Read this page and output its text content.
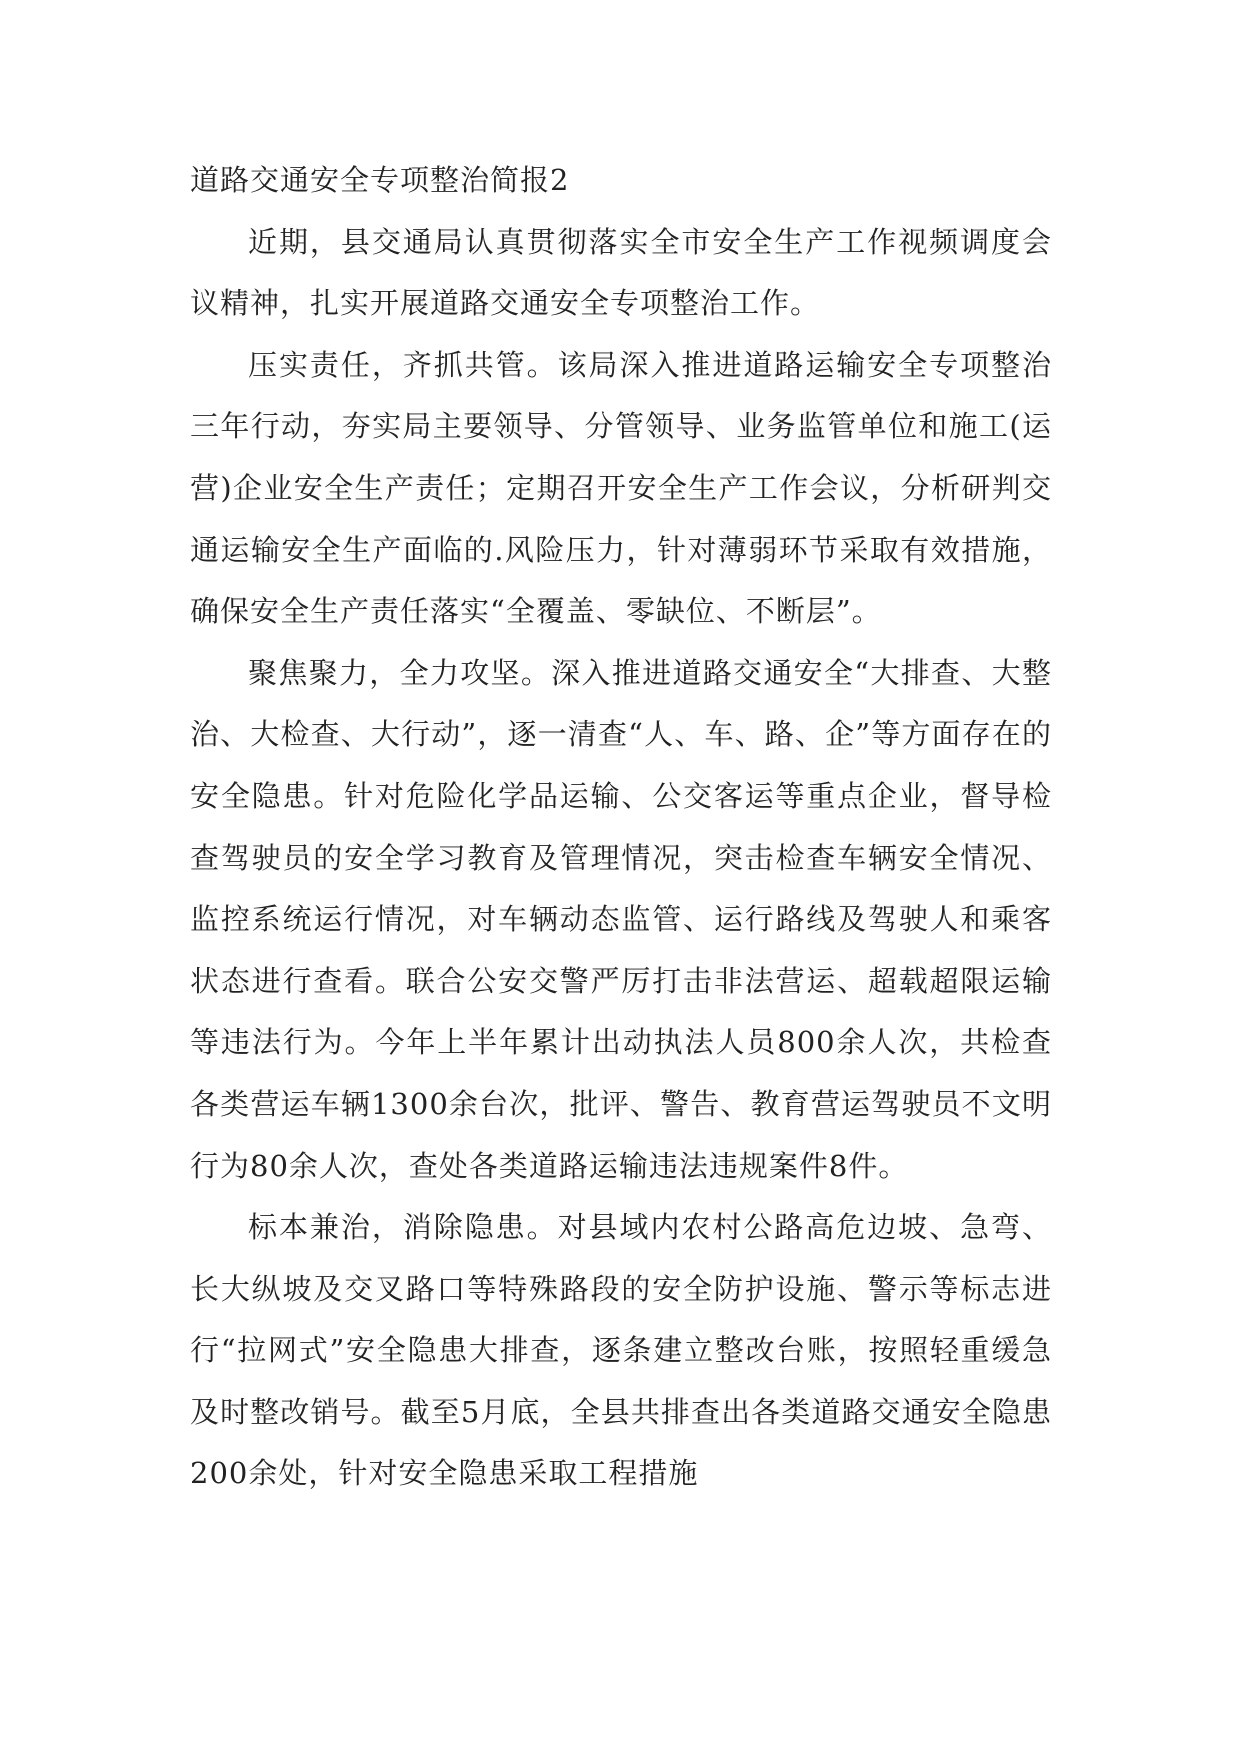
道路交通安全专项整治简报2

近期，县交通局认真贯彻落实全市安全生产工作视频调度会议精神，扎实开展道路交通安全专项整治工作。

压实责任，齐抓共管。该局深入推进道路运输安全专项整治三年行动，夯实局主要领导、分管领导、业务监管单位和施工(运营)企业安全生产责任；定期召开安全生产工作会议，分析研判交通运输安全生产面临的.风险压力，针对薄弱环节采取有效措施，确保安全生产责任落实“全覆盖、零缺位、不断层”。

聚焦聚力，全力攻坚。深入推进道路交通安全“大排查、大整治、大检查、大行动”，逐一清查“人、车、路、企”等方面存在的安全隐患。针对危险化学品运输、公交客运等重点企业，督导检查驾驶员的安全学习教育及管理情况，突击检查车辆安全情况、监控系统运行情况，对车辆动态监管、运行路线及驾驶人和乘客状态进行查看。联合公安交警严厉打击非法营运、超载超限运输等违法行为。今年上半年累计出动执法人员800余人次，共检查各类营运车辆1300余台次，批评、警告、教育营运驾驶员不文明行为80余人次，查处各类道路运输违法违规案件8件。

标本兼治，消除隐患。对县域内农村公路高危边坡、急弯、长大纵坡及交叉路口等特殊路段的安全防护设施、警示等标志进行“拉网式”安全隐患大排查，逐条建立整改台账，按照轻重缓急及时整改销号。截至5月底，全县共排查出各类道路交通安全隐患200余处，针对安全隐患采取工程措施
